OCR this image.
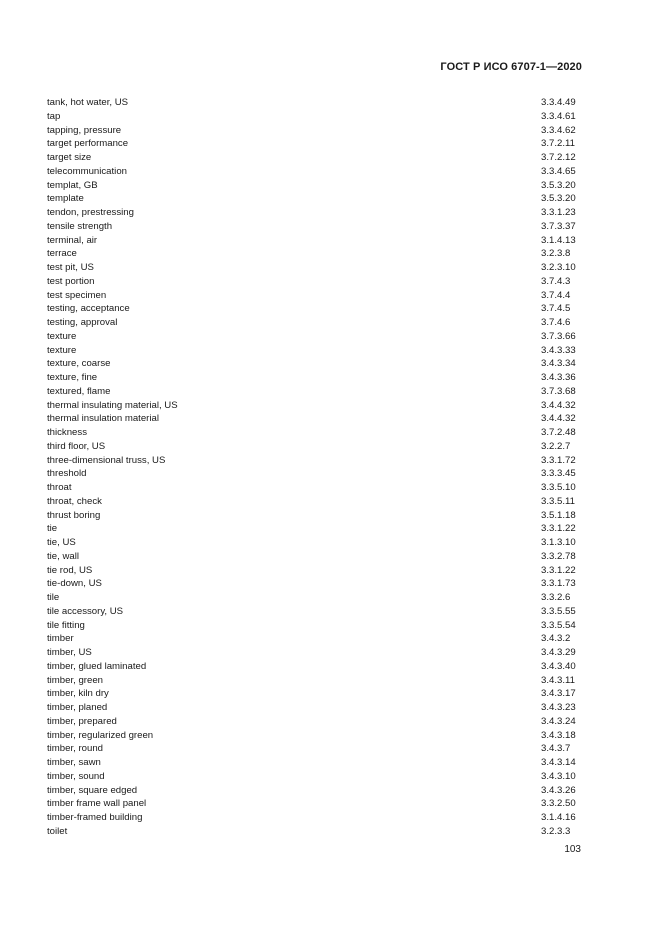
ГОСТ Р ИСО 6707-1—2020
tank, hot water, US	3.3.4.49
tap	3.3.4.61
tapping, pressure	3.3.4.62
target performance	3.7.2.11
target size	3.7.2.12
telecommunication	3.3.4.65
templat, GB	3.5.3.20
template	3.5.3.20
tendon, prestressing	3.3.1.23
tensile strength	3.7.3.37
terminal, air	3.1.4.13
terrace	3.2.3.8
test pit, US	3.2.3.10
test portion	3.7.4.3
test specimen	3.7.4.4
testing, acceptance	3.7.4.5
testing, approval	3.7.4.6
texture	3.7.3.66
texture	3.4.3.33
texture, coarse	3.4.3.34
texture, fine	3.4.3.36
textured, flame	3.7.3.68
thermal insulating material, US	3.4.4.32
thermal insulation material	3.4.4.32
thickness	3.7.2.48
third floor, US	3.2.2.7
three-dimensional truss, US	3.3.1.72
threshold	3.3.3.45
throat	3.3.5.10
throat, check	3.3.5.11
thrust boring	3.5.1.18
tie	3.3.1.22
tie, US	3.1.3.10
tie, wall	3.3.2.78
tie rod, US	3.3.1.22
tie-down, US	3.3.1.73
tile	3.3.2.6
tile accessory, US	3.3.5.55
tile fitting	3.3.5.54
timber	3.4.3.2
timber, US	3.4.3.29
timber, glued laminated	3.4.3.40
timber, green	3.4.3.11
timber, kiln dry	3.4.3.17
timber, planed	3.4.3.23
timber, prepared	3.4.3.24
timber, regularized green	3.4.3.18
timber, round	3.4.3.7
timber, sawn	3.4.3.14
timber, sound	3.4.3.10
timber, square edged	3.4.3.26
timber frame wall panel	3.3.2.50
timber-framed building	3.1.4.16
toilet	3.2.3.3
103
